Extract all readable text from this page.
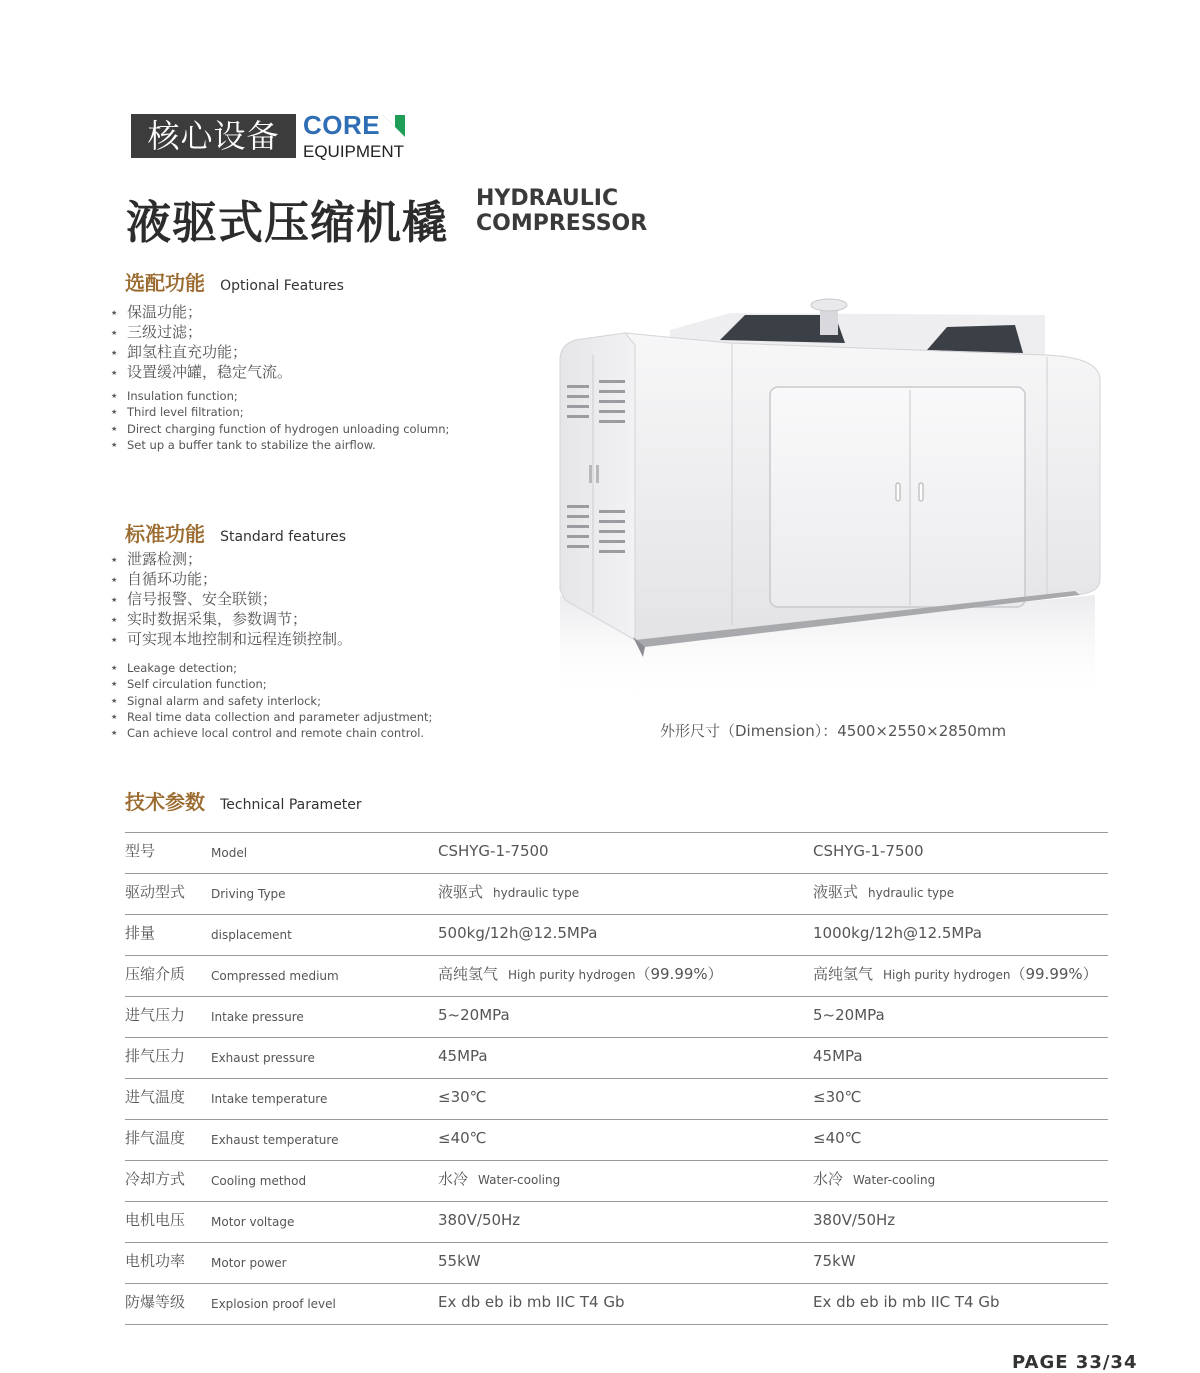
核心设备 CORE
EQUIPMENT
液驱式压缩机橇 HYDRAULIC
COMPRESSOR
选配功能 Optional Features
★ 保温功能；
★ 三级过滤；
★ 卸氢柱直充功能；
★ 设置缓冲罐，稳定气流。
★ Insulation function;
★ Third level filtration;
★ Direct charging function of hydrogen unloading column;
★ Set up a buffer tank to stabilize the airflow.
标准功能 Standard features
★ 泄露检测；
★ 自循环功能；
★ 信号报警、安全联锁；
★ 实时数据采集，参数调节；
★ 可实现本地控制和远程连锁控制。
★ Leakage detection;
★ Self circulation function;
★ Signal alarm and safety interlock;
★ Real time data collection and parameter adjustment;
★ Can achieve local control and remote chain control.	外形尺寸（Dimension）：4500×2550×2850mm
技术参数 Technical Parameter
型号	Model	CSHYG-1-7500	CSHYG-1-7500
驱动型式 Driving Type	液驱式 hydraulic type	液驱式 hydraulic type
排量	displacement	500kg/12h@12.5MPa	1000kg/12h@12.5MPa
压缩介质 Compressed medium	高纯氢气 High purity hydrogen（99.99%）	高纯氢气 High purity hydrogen（99.99%）
进气压力 Intake pressure	5~20MPa	5~20MPa
排气压力 Exhaust pressure	45MPa	45MPa
进气温度 Intake temperature	≤30℃	≤30℃
排气温度 Exhaust temperature	≤40℃	≤40℃
冷却方式 Cooling method	水冷 Water-cooling	水冷 Water-cooling
电机电压 Motor voltage	380V/50Hz	380V/50Hz
电机功率 Motor power	55kW	75kW
防爆等级 Explosion proof level	Ex db eb ib mb IIC T4 Gb	Ex db eb ib mb IIC T4 Gb
PAGE 33/34
